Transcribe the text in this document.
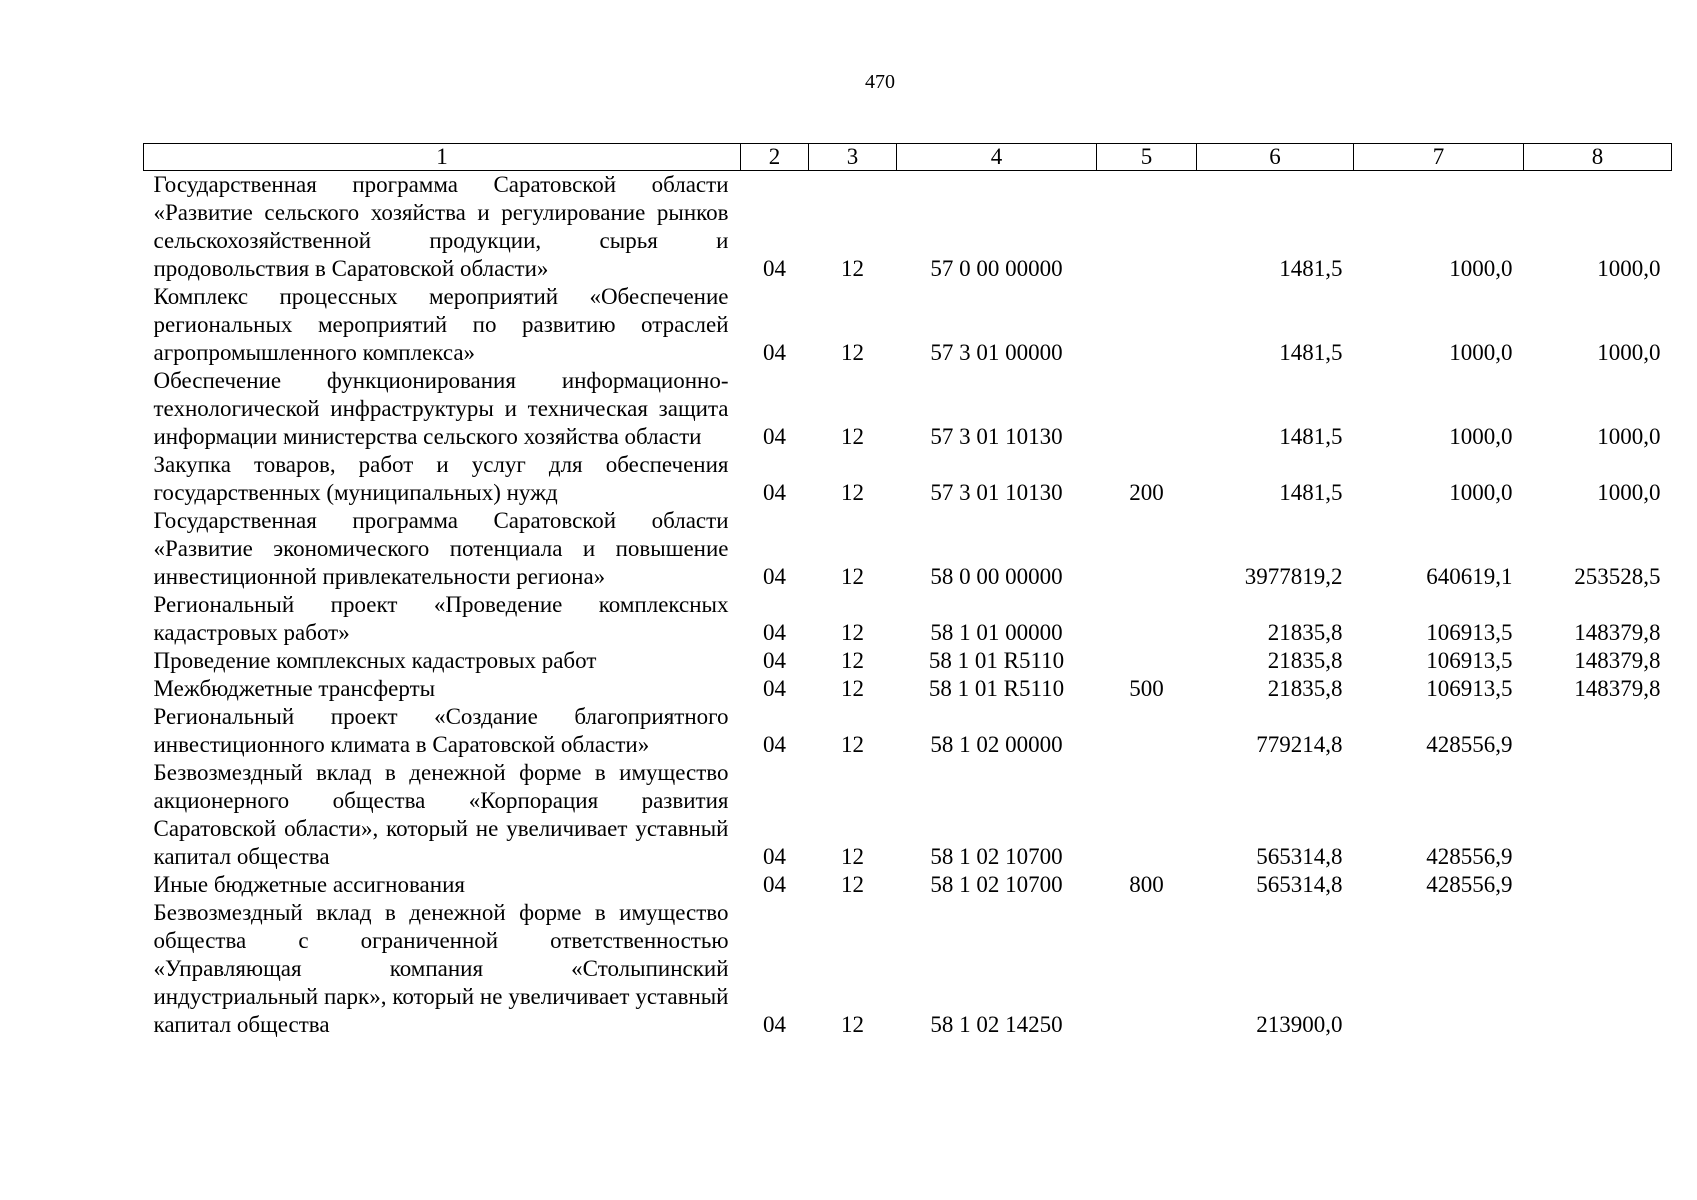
470
1	2	3	4	5	6	7	8
Государственная программа Саратовской области «Развитие сельского хозяйства и регулирование рынков сельскохозяйственной продукции, сырья и продовольствия в Саратовской области»	04	12	57 0 00 00000		1481,5	1000,0	1000,0
Комплекс процессных мероприятий «Обеспечение региональных мероприятий по развитию отраслей агропромышленного комплекса»	04	12	57 3 01 00000		1481,5	1000,0	1000,0
Обеспечение функционирования информационно-технологической инфраструктуры и техническая защита информации министерства сельского хозяйства области	04	12	57 3 01 10130		1481,5	1000,0	1000,0
Закупка товаров, работ и услуг для обеспечения государственных (муниципальных) нужд	04	12	57 3 01 10130	200	1481,5	1000,0	1000,0
Государственная программа Саратовской области «Развитие экономического потенциала и повышение инвестиционной привлекательности региона»	04	12	58 0 00 00000		3977819,2	640619,1	253528,5
Региональный проект «Проведение комплексных кадастровых работ»	04	12	58 1 01 00000		21835,8	106913,5	148379,8
Проведение комплексных кадастровых работ	04	12	58 1 01 R5110		21835,8	106913,5	148379,8
Межбюджетные трансферты	04	12	58 1 01 R5110	500	21835,8	106913,5	148379,8
Региональный проект «Создание благоприятного инвестиционного климата в Саратовской области»	04	12	58 1 02 00000		779214,8	428556,9	
Безвозмездный вклад в денежной форме в имущество акционерного общества «Корпорация развития Саратовской области», который не увеличивает уставный капитал общества	04	12	58 1 02 10700		565314,8	428556,9	
Иные бюджетные ассигнования	04	12	58 1 02 10700	800	565314,8	428556,9	
Безвозмездный вклад в денежной форме в имущество общества с ограниченной ответственностью «Управляющая компания «Столыпинский индустриальный парк», который не увеличивает уставный капитал общества	04	12	58 1 02 14250		213900,0		
